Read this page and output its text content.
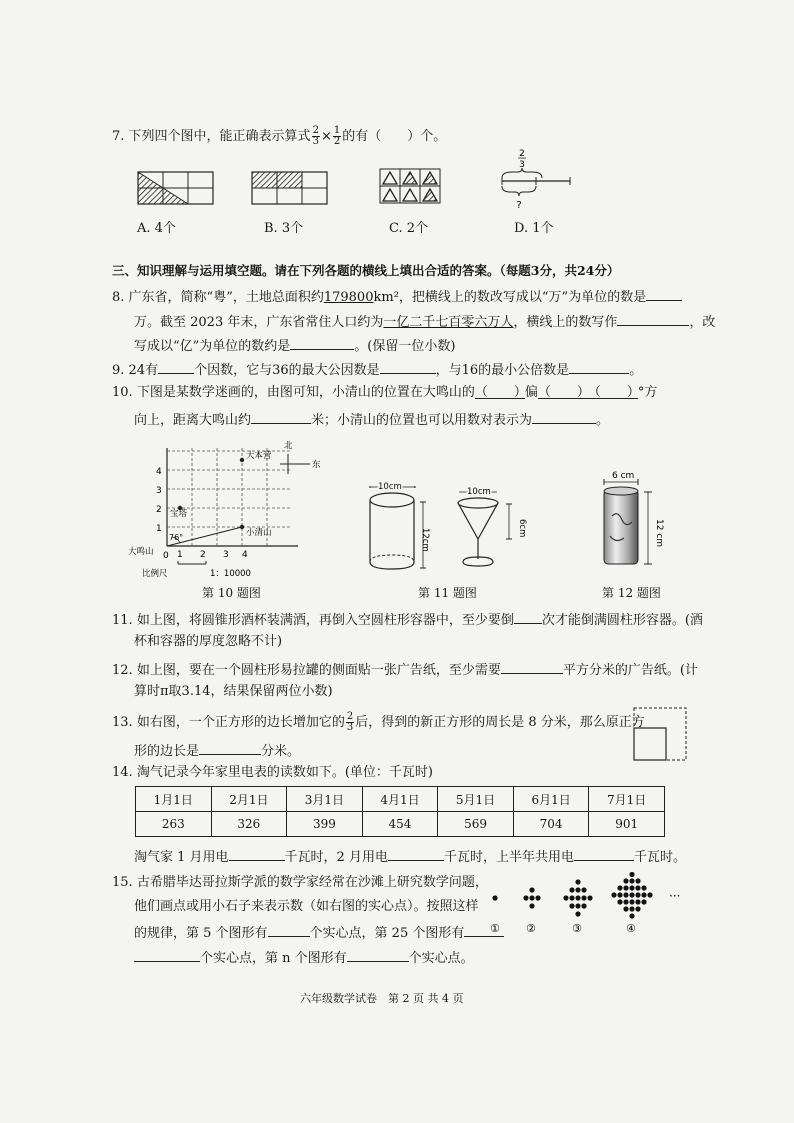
7. 下列四个图中，能正确表示算式 $\frac{2}{3} \times \frac{1}{2}$ 的有（　　）个。
2
3
?
A. 4个	B. 3个	C. 2个	D. 1个
三、知识理解与运用填空题。请在下列各题的横线上填出合适的答案。（每题3分，共24分）
8. 广东省，简称“粤”，土地总面积约179800km²，把横线上的数改写成以“万”为单位的数是
万。截至 2023 年末，广东省常住人口约为一亿二千七百零六万人，横线上的数写作	，改
写成以“亿”为单位的数约是	。(保留一位小数)
9. 24有	个因数，它与36的最大公因数是	，与16的最小公倍数是	。
10. 下图是某数学迷画的，由图可知，小清山的位置在大鸣山的（　　）偏（　　）（　　）°方
向上，距离大鸣山约	米；小清山的位置也可以用数对表示为	。
1
2
3
4
0 1 2 3 4
大本营
宝塔
小清山
76°
大鸣山
北
东
比例尺	1：10000
第 10 题图
10cm
12cm
10cm
6cm
第 11 题图
6 cm
12 cm
第 12 题图
11. 如上图，将圆锥形酒杯装满酒，再倒入空圆柱形容器中，至少要倒 次才能倒满圆柱形容器。(酒
杯和容器的厚度忽略不计)
12. 如上图，要在一个圆柱形易拉罐的侧面贴一张广告纸，至少需要	平方分米的广告纸。(计
算时π取3.14，结果保留两位小数)
13. 如右图，一个正方形的边长增加它的 $\frac{2}{3}$ 后，得到的新正方形的周长是 8 分米，那么原正方
形的边长是	分米。
14. 淘气记录今年家里电表的读数如下。(单位：千瓦时)
1月1日	2月1日	3月1日	4月1日	5月1日	6月1日	7月1日
263	326	399	454	569	704	901
淘气家 1 月用电	千瓦时，2 月用电	千瓦时，上半年共用电	千瓦时。
15. 古希腊毕达哥拉斯学派的数学家经常在沙滩上研究数学问题，
他们画点或用小石子来表示数（如右图的实心点）。按照这样
的规律，第 5 个图形有	个实心点，第 25 个图形有
个实心点，第 n 个图形有	个实心点。
···
① ②	③	④
六年级数学试卷　第 2 页 共 4 页
